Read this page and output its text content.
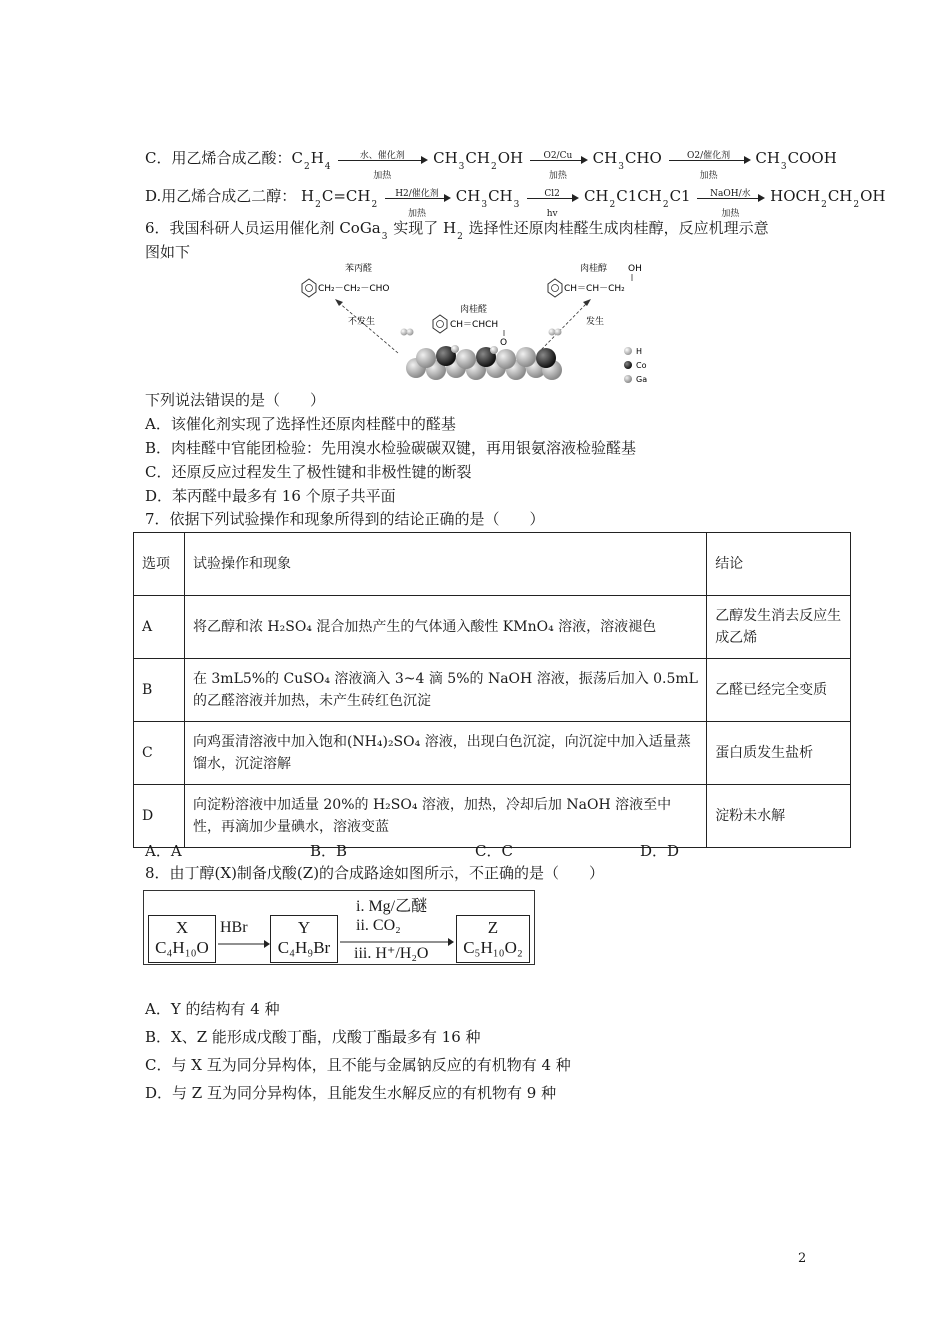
C．用乙烯合成乙酸：$C_2H_4$
水、催化剂
加热
$CH_3CH_2OH$	O2/Cu
加热
$CH_3CHO$	O2/催化剂
加热
$CH_3COOH$
D.用乙烯合成乙二醇： $H_2C=CH_2$
H2/催化剂
加热
$CH_3CH_3$
$\frac{Cl2}{hv} CH_2C1CH_2C1$	NaOH/水
加热
$HOCH_2CH_2OH$
6．我国科研人员运用催化剂 CoGa$_3$ 实现了 $H_2$ 选择性还原肉桂醛生成肉桂醇，反应机理示意
图如下
苯丙醛
CH₂－CH₂－CHO
肉桂醇 OH
CH＝CH－CH₂
不发生	发生
肉桂醛
CH＝CHCH
O
H
Co
Ga
下列说法错误的是（　　）
A．该催化剂实现了选择性还原肉桂醛中的醛基
B．肉桂醛中官能团检验：先用溴水检验碳碳双键，再用银氨溶液检验醛基
C．还原反应过程发生了极性键和非极性键的断裂
D．苯丙醛中最多有 16 个原子共平面
7．依据下列试验操作和现象所得到的结论正确的是（　　）
选项	试验操作和现象	结论
A	将乙醇和浓 H₂SO₄ 混合加热产生的气体通入酸性 KMnO₄ 溶液，溶液褪色	乙醇发生消去反应生成乙烯
B	在 3mL5%的 CuSO₄ 溶液滴入 3~4 滴 5%的 NaOH 溶液，振荡后加入 0.5mL 的乙醛溶液并加热，未产生砖红色沉淀	乙醛已经完全变质
C	向鸡蛋清溶液中加入饱和(NH₄)₂SO₄ 溶液，出现白色沉淀，向沉淀中加入适量蒸馏水，沉淀溶解	蛋白质发生盐析
D	向淀粉溶液中加适量 20%的 H₂SO₄ 溶液，加热，冷却后加 NaOH 溶液至中性，再滴加少量碘水，溶液变蓝	淀粉未水解
A．A	B．B	C．C	D．D
8．由丁醇(X)制备戊酸(Z)的合成路途如图所示，不正确的是（　　）
X
C₄H₁₀O
HBr	Y
C₄H₉Br
i. Mg/乙醚
ii. CO₂
iii. H⁺/H₂O
Z
C₅H₁₀O₂
A．Y 的结构有 4 种
B．X、Z 能形成戊酸丁酯，戊酸丁酯最多有 16 种
C．与 X 互为同分异构体，且不能与金属钠反应的有机物有 4 种
D．与 Z 互为同分异构体，且能发生水解反应的有机物有 9 种
2
